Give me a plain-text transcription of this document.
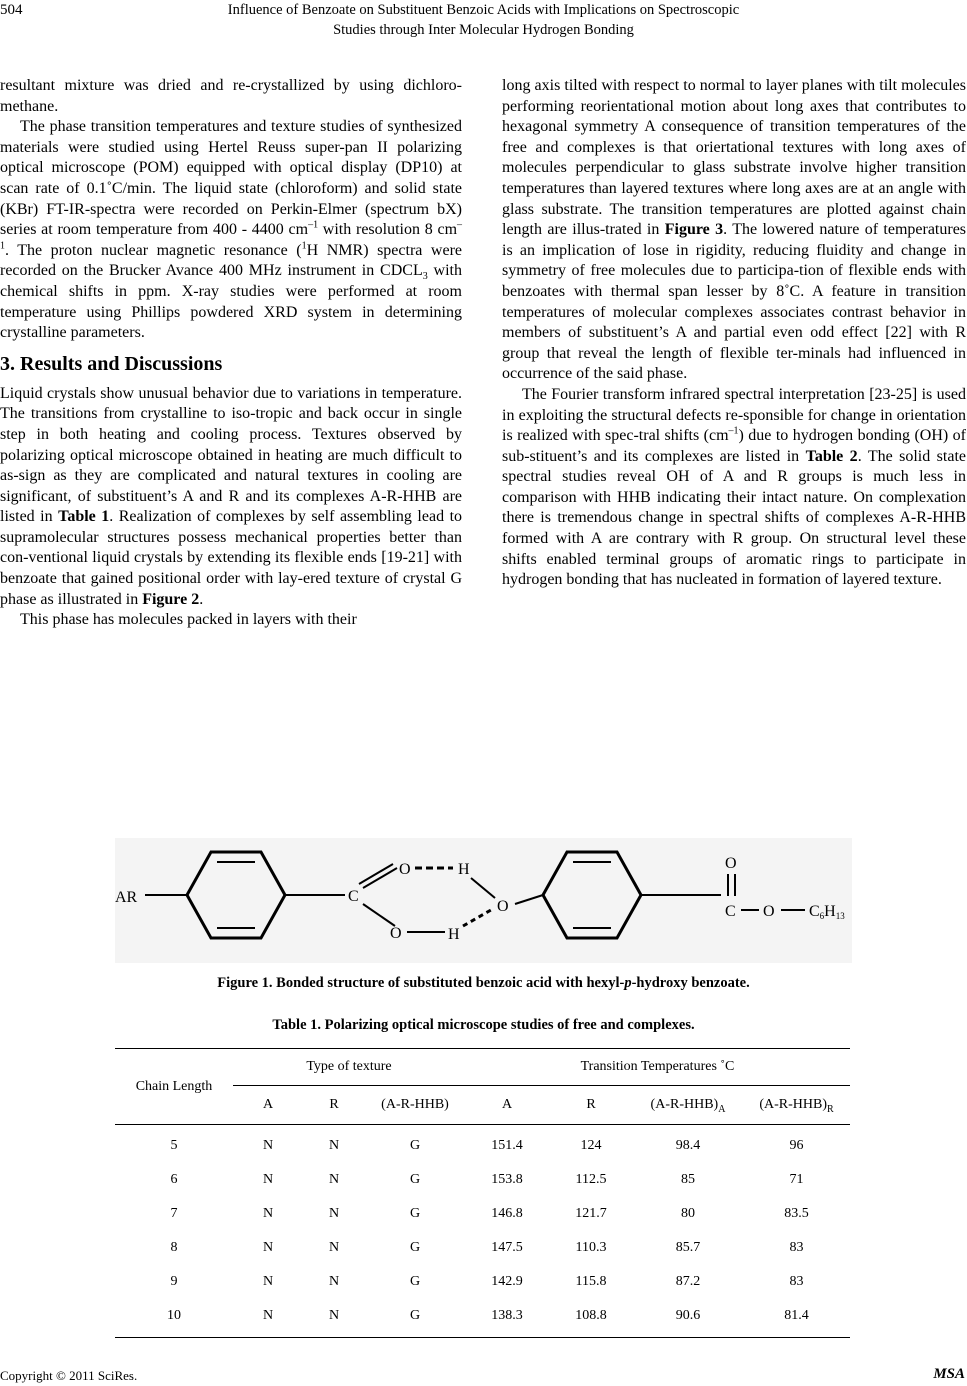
504	Influence of Benzoate on Substituent Benzoic Acids with Implications on Spectroscopic
Studies through Inter Molecular Hydrogen Bonding

resultant mixture was dried and re-crystallized by using dichloro-methane.

The phase transition temperatures and texture studies of synthesized materials were studied using Hertel Reuss super-pan II polarizing optical microscope (POM) equipped with optical display (DP10) at scan rate of 0.1˚C/min. The liquid state (chloroform) and solid state (KBr) FT-IR-spectra were recorded on Perkin-Elmer (spectrum bX) series at room temperature from 400 - 4400 $cm^{-1}$ with resolution 8 $cm^{-1}$. The proton nuclear magnetic resonance ($^1$H NMR) spectra were recorded on the Brucker Avance 400 MHz instrument in $CDCL_3$ with chemical shifts in ppm. X-ray studies were performed at room temperature using Phillips powdered XRD system in determining crystalline parameters.

3. Results and Discussions

Liquid crystals show unusual behavior due to variations in temperature. The transitions from crystalline to iso-tropic and back occur in single step in both heating and cooling process. Textures observed by polarizing optical microscope obtained in heating are much difficult to as-sign as they are complicated and natural textures in cooling are significant, of substituent’s A and R and its complexes A-R-HHB are listed in Table 1. Realization of complexes by self assembling lead to supramolecular structures possess mechanical properties better than con-ventional liquid crystals by extending its flexible ends [19-21] with benzoate that gained positional order with lay-ered texture of crystal G phase as illustrated in Figure 2.

This phase has molecules packed in layers with their

long axis tilted with respect to normal to layer planes with tilt molecules performing reorientational motion about long axes that contributes to hexagonal symmetry A consequence of transition temperatures of the free and complexes is that oriertational textures with long axes of molecules perpendicular to glass substrate involve higher transition temperatures than layered textures where long axes are at an angle with glass substrate. The transition temperatures are plotted against chain length are illus-trated in Figure 3. The lowered nature of temperatures is an implication of lose in rigidity, reducing fluidity and change in symmetry of free molecules due to participa-tion of flexible ends with benzoates with thermal span lesser by 8˚C. A feature in transition temperatures of molecular complexes associates contrast behavior in members of substituent’s A and partial even odd effect [22] with R group that reveal the length of flexible ter-minals had influenced in occurrence of the said phase.

The Fourier transform infrared spectral interpretation [23-25] is used in exploiting the structural defects re-sponsible for change in orientation is realized with spec-tral shifts $(cm^{-1})$ due to hydrogen bonding (OH) of sub-stituent’s and its complexes are listed in Table 2. The solid state spectral studies reveal OH of A and R groups is much less in comparison with HHB indicating their intact nature. On complexation there is tremendous change in spectral shifts of complexes A-R-HHB formed with A are contrary with R group. On structural level these shifts enabled terminal groups of aromatic rings to participate in hydrogen bonding that has nucleated in formation of layered texture.

AR	C
O	H
O	H
O
O
C O C6H13
Figure 1. Bonded structure of substituted benzoic acid with hexyl-p-hydroxy benzoate.
Table 1. Polarizing optical microscope studies of free and complexes.
Chain Length	Type of texture			Transition Temperatures ˚C			
	A	R	(A-R-HHB)	A	R	$(A-R-HHB)_A$	$(A-R-HHB)_R$

5	N	N	G	151.4	124	98.4	96
6	N	N	G	153.8	112.5	85	71
7	N	N	G	146.8	121.7	80	83.5
8	N	N	G	147.5	110.3	85.7	83
9	N	N	G	142.9	115.8	87.2	83
10	N	N	G	138.3	108.8	90.6	81.4
Copyright © 2011 SciRes.	MSA
